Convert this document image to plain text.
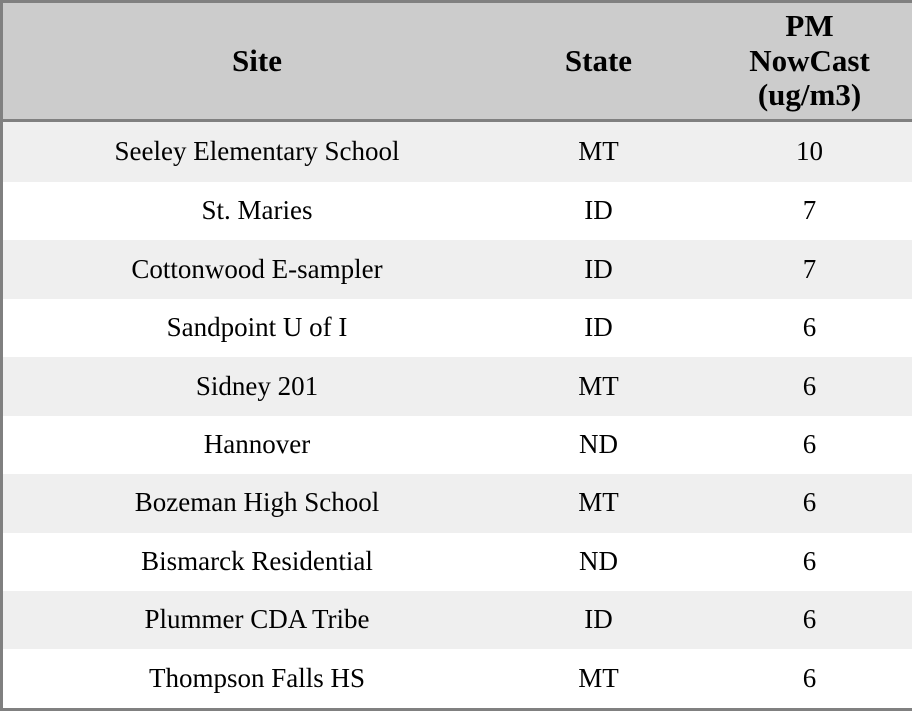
Site	State	PM
NowCast
(ug/m3)

Seeley Elementary School	MT	10
St. Maries	ID	7
Cottonwood E-sampler	ID	7
Sandpoint U of I	ID	6
Sidney 201	MT	6
Hannover	ND	6
Bozeman High School	MT	6
Bismarck Residential	ND	6
Plummer CDA Tribe	ID	6
Thompson Falls HS	MT	6
